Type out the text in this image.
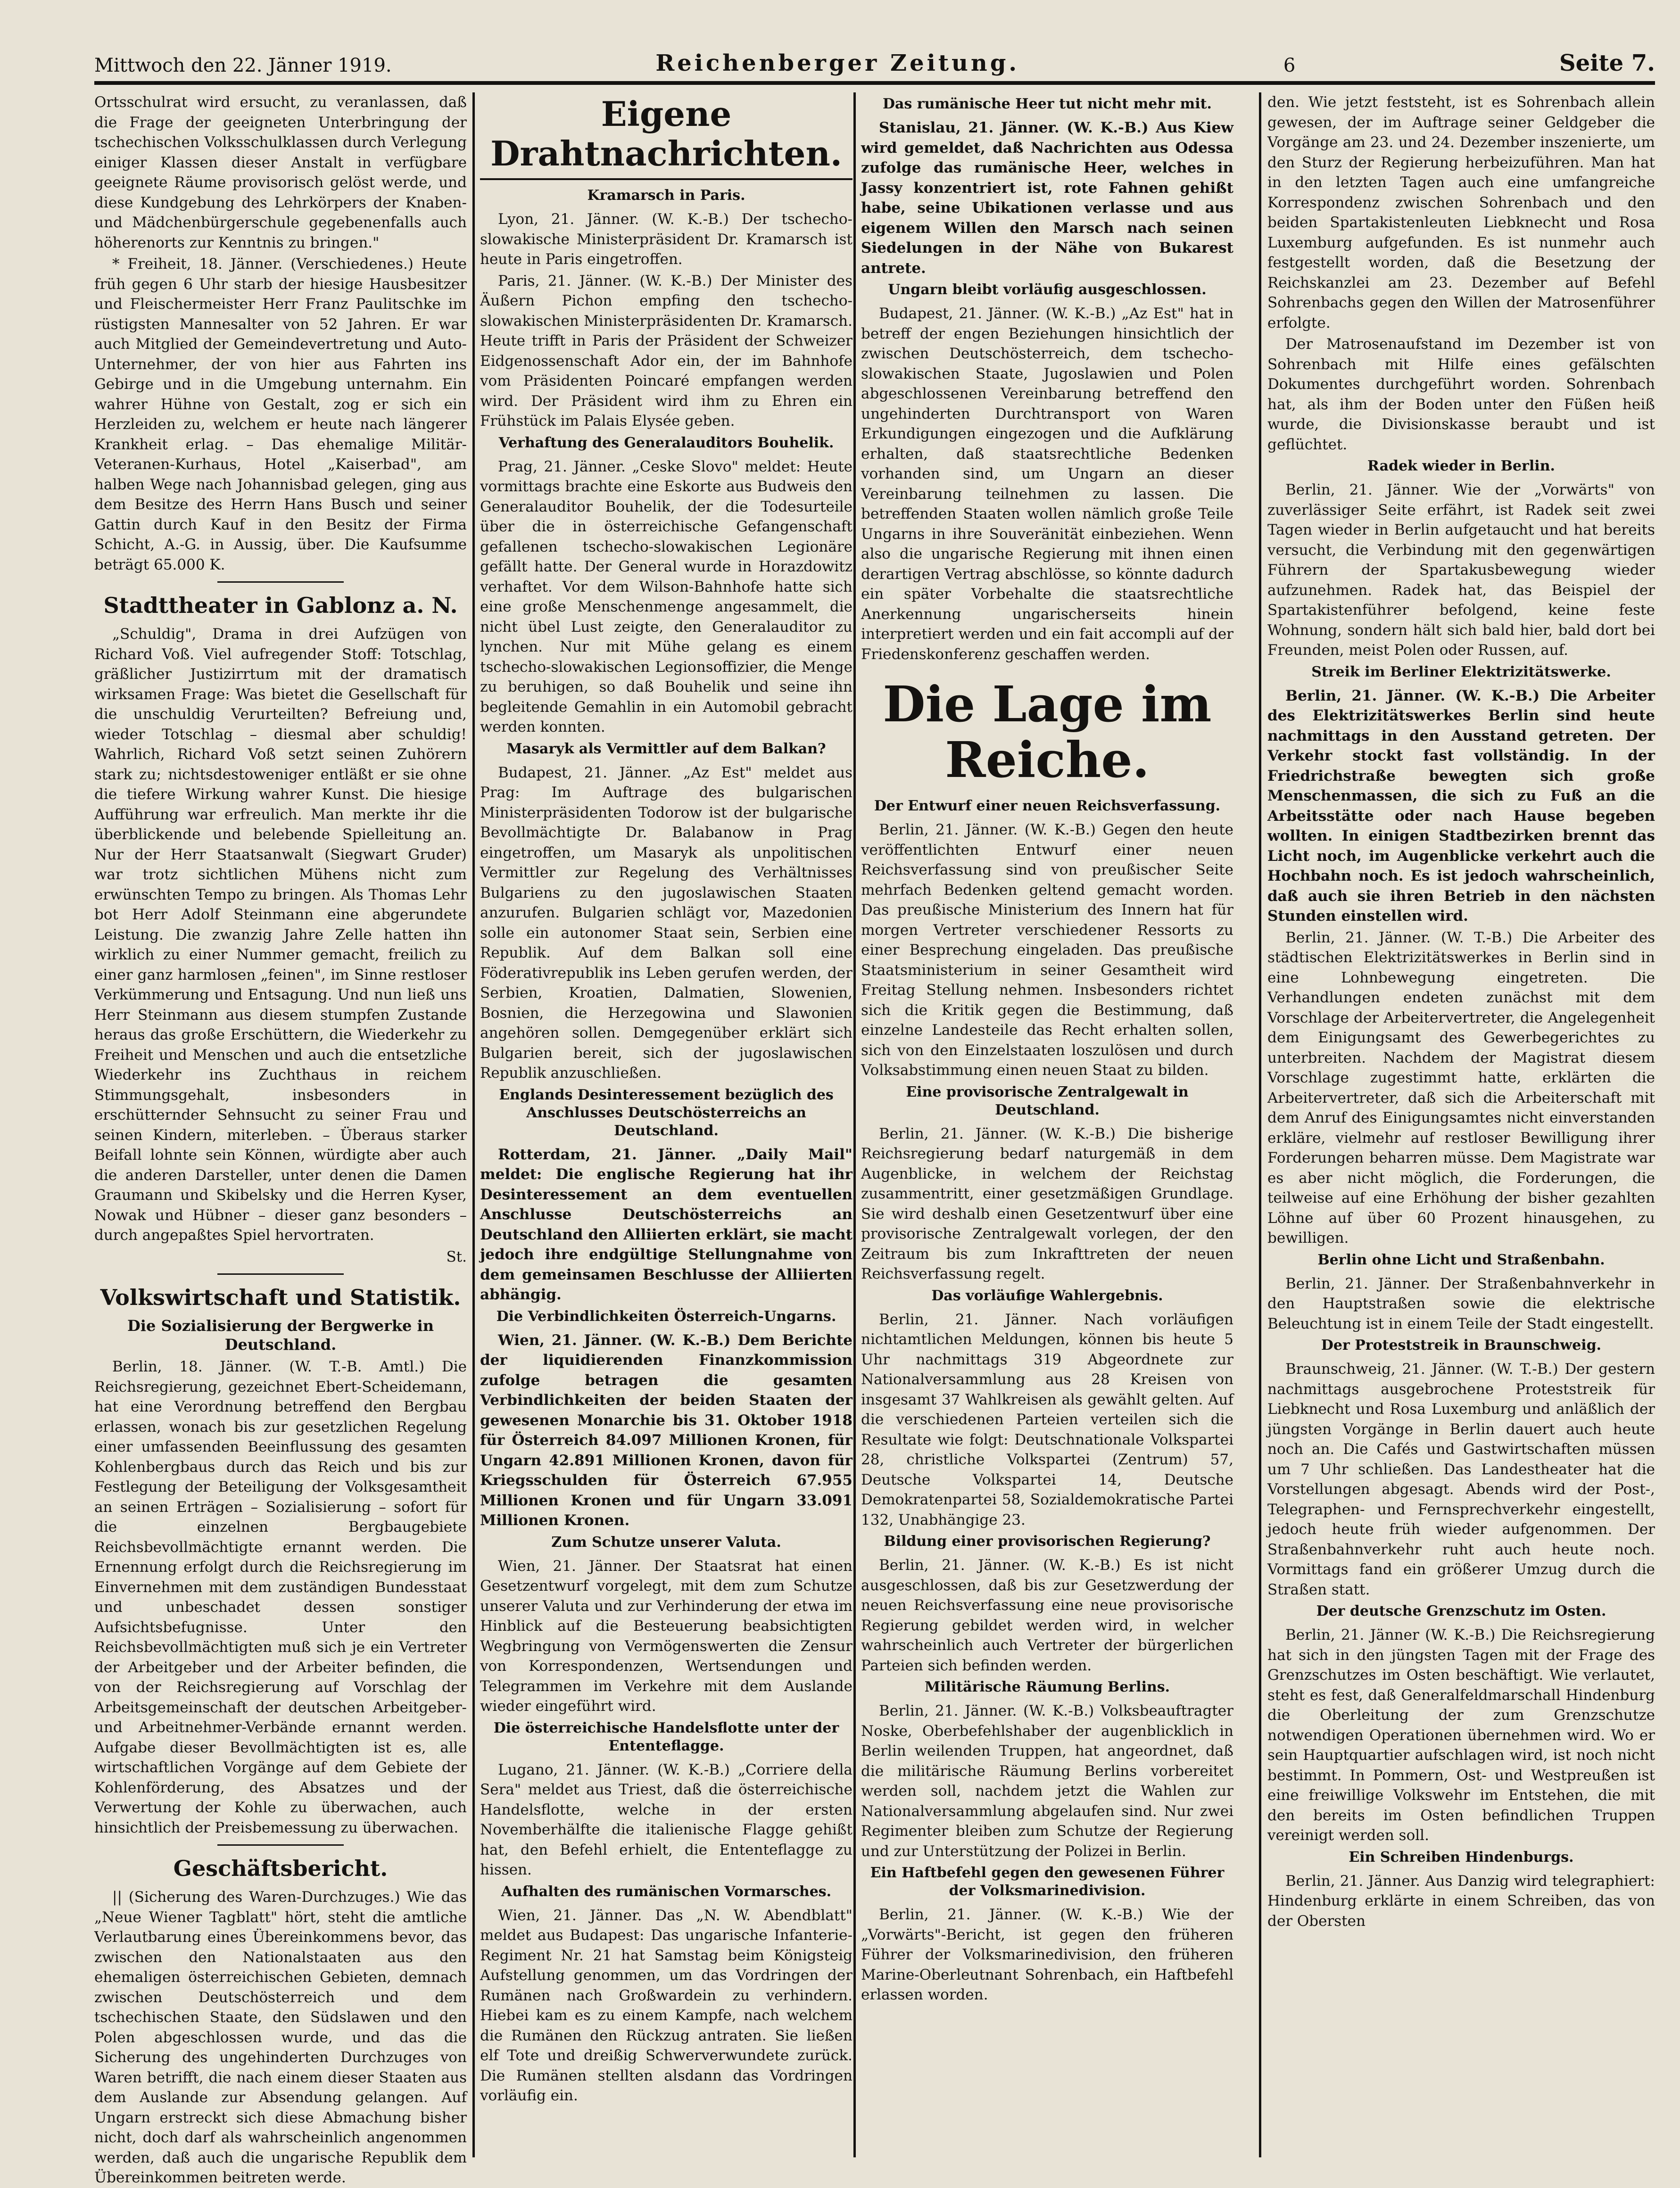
Mittwoch den 22. Jänner 1919.	Reichenberger Zeitung.	6	Seite 7.

Ortsschulrat wird ersucht, zu veranlassen, daß die Frage der geeigneten Unterbringung der tschechischen Volksschulklassen durch Verlegung einiger Klassen dieser Anstalt in verfügbare geeignete Räume provisorisch gelöst werde, und diese Kundgebung des Lehrkörpers der Knaben- und Mädchenbürgerschule gegebenenfalls auch höherenorts zur Kenntnis zu bringen."

* Freiheit, 18. Jänner. (Verschiedenes.) Heute früh gegen 6 Uhr starb der hiesige Hausbesitzer und Fleischermeister Herr Franz Paulitschke im rüstigsten Mannesalter von 52 Jahren. Er war auch Mitglied der Gemeindevertretung und Auto-Unternehmer, der von hier aus Fahrten ins Gebirge und in die Umgebung unternahm. Ein wahrer Hühne von Gestalt, zog er sich ein Herzleiden zu, welchem er heute nach längerer Krankheit erlag. – Das ehemalige Militär-Veteranen-Kurhaus, Hotel „Kaiserbad", am halben Wege nach Johannisbad gelegen, ging aus dem Besitze des Herrn Hans Busch und seiner Gattin durch Kauf in den Besitz der Firma Schicht, A.-G. in Aussig, über. Die Kaufsumme beträgt 65.000 K.

Stadttheater in Gablonz a. N.

„Schuldig", Drama in drei Aufzügen von Richard Voß. Viel aufregender Stoff: Totschlag, gräßlicher Justizirrtum mit der dramatisch wirksamen Frage: Was bietet die Gesellschaft für die unschuldig Verurteilten? Befreiung und, wieder Totschlag – diesmal aber schuldig! Wahrlich, Richard Voß setzt seinen Zuhörern stark zu; nichtsdestoweniger entläßt er sie ohne die tiefere Wirkung wahrer Kunst. Die hiesige Aufführung war erfreulich. Man merkte ihr die überblickende und belebende Spielleitung an. Nur der Herr Staatsanwalt (Siegwart Gruder) war trotz sichtlichen Mühens nicht zum erwünschten Tempo zu bringen. Als Thomas Lehr bot Herr Adolf Steinmann eine abgerundete Leistung. Die zwanzig Jahre Zelle hatten ihn wirklich zu einer Nummer gemacht, freilich zu einer ganz harmlosen „feinen", im Sinne restloser Verkümmerung und Entsagung. Und nun ließ uns Herr Steinmann aus diesem stumpfen Zustande heraus das große Erschüttern, die Wiederkehr zu Freiheit und Menschen und auch die entsetzliche Wiederkehr ins Zuchthaus in reichem Stimmungsgehalt, insbesonders in erschütternder Sehnsucht zu seiner Frau und seinen Kindern, miterleben. – Überaus starker Beifall lohnte sein Können, würdigte aber auch die anderen Darsteller, unter denen die Damen Graumann und Skibelsky und die Herren Kyser, Nowak und Hübner – dieser ganz besonders – durch angepaßtes Spiel hervortraten.

St.
Volkswirtschaft und Statistik.
Die Sozialisierung der Bergwerke in Deutschland.

Berlin, 18. Jänner. (W. T.-B. Amtl.) Die Reichsregierung, gezeichnet Ebert-Scheidemann, hat eine Verordnung betreffend den Bergbau erlassen, wonach bis zur gesetzlichen Regelung einer umfassenden Beeinflussung des gesamten Kohlenbergbaus durch das Reich und bis zur Festlegung der Beteiligung der Volksgesamtheit an seinen Erträgen – Sozialisierung – sofort für die einzelnen Bergbaugebiete Reichsbevollmächtigte ernannt werden. Die Ernennung erfolgt durch die Reichsregierung im Einvernehmen mit dem zuständigen Bundesstaat und unbeschadet dessen sonstiger Aufsichtsbefugnisse. Unter den Reichsbevollmächtigten muß sich je ein Vertreter der Arbeitgeber und der Arbeiter befinden, die von der Reichsregierung auf Vorschlag der Arbeitsgemeinschaft der deutschen Arbeitgeber- und Arbeitnehmer-Verbände ernannt werden. Aufgabe dieser Bevollmächtigten ist es, alle wirtschaftlichen Vorgänge auf dem Gebiete der Kohlenförderung, des Absatzes und der Verwertung der Kohle zu überwachen, auch hinsichtlich der Preisbemessung zu überwachen.

Geschäftsbericht.

|| (Sicherung des Waren-Durchzuges.) Wie das „Neue Wiener Tagblatt" hört, steht die amtliche Verlautbarung eines Übereinkommens bevor, das zwischen den Nationalstaaten aus den ehemaligen österreichischen Gebieten, demnach zwischen Deutschösterreich und dem tschechischen Staate, den Südslawen und den Polen abgeschlossen wurde, und das die Sicherung des ungehinderten Durchzuges von Waren betrifft, die nach einem dieser Staaten aus dem Auslande zur Absendung gelangen. Auf Ungarn erstreckt sich diese Abmachung bisher nicht, doch darf als wahrscheinlich angenommen werden, daß auch die ungarische Republik dem Übereinkommen beitreten werde.

Eigene Drahtnachrichten.
Kramarsch in Paris.

Lyon, 21. Jänner. (W. K.-B.) Der tschecho-slowakische Ministerpräsident Dr. Kramarsch ist heute in Paris eingetroffen.

Paris, 21. Jänner. (W. K.-B.) Der Minister des Äußern Pichon empfing den tschecho-slowakischen Ministerpräsidenten Dr. Kramarsch. Heute trifft in Paris der Präsident der Schweizer Eidgenossenschaft Ador ein, der im Bahnhofe vom Präsidenten Poincaré empfangen werden wird. Der Präsident wird ihm zu Ehren ein Frühstück im Palais Elysée geben.

Verhaftung des Generalauditors Bouhelik.

Prag, 21. Jänner. „Ceske Slovo" meldet: Heute vormittags brachte eine Eskorte aus Budweis den Generalauditor Bouhelik, der die Todesurteile über die in österreichische Gefangenschaft gefallenen tschecho-slowakischen Legionäre gefällt hatte. Der General wurde in Horazdowitz verhaftet. Vor dem Wilson-Bahnhofe hatte sich eine große Menschenmenge angesammelt, die nicht übel Lust zeigte, den Generalauditor zu lynchen. Nur mit Mühe gelang es einem tschecho-slowakischen Legionsoffizier, die Menge zu beruhigen, so daß Bouhelik und seine ihn begleitende Gemahlin in ein Automobil gebracht werden konnten.

Masaryk als Vermittler auf dem Balkan?

Budapest, 21. Jänner. „Az Est" meldet aus Prag: Im Auftrage des bulgarischen Ministerpräsidenten Todorow ist der bulgarische Bevollmächtigte Dr. Balabanow in Prag eingetroffen, um Masaryk als unpolitischen Vermittler zur Regelung des Verhältnisses Bulgariens zu den jugoslawischen Staaten anzurufen. Bulgarien schlägt vor, Mazedonien solle ein autonomer Staat sein, Serbien eine Republik. Auf dem Balkan soll eine Föderativrepublik ins Leben gerufen werden, der Serbien, Kroatien, Dalmatien, Slowenien, Bosnien, die Herzegowina und Slawonien angehören sollen. Demgegenüber erklärt sich Bulgarien bereit, sich der jugoslawischen Republik anzuschließen.

Englands Desinteressement bezüglich des Anschlusses Deutschösterreichs an Deutschland.

Rotterdam, 21. Jänner. „Daily Mail" meldet: Die englische Regierung hat ihr Desinteressement an dem eventuellen Anschlusse Deutschösterreichs an Deutschland den Alliierten erklärt, sie macht jedoch ihre endgültige Stellungnahme von dem gemeinsamen Beschlusse der Alliierten abhängig.

Die Verbindlichkeiten Österreich-Ungarns.

Wien, 21. Jänner. (W. K.-B.) Dem Berichte der liquidierenden Finanzkommission zufolge betragen die gesamten Verbindlichkeiten der beiden Staaten der gewesenen Monarchie bis 31. Oktober 1918 für Österreich 84.097 Millionen Kronen, für Ungarn 42.891 Millionen Kronen, davon für Kriegsschulden für Österreich 67.955 Millionen Kronen und für Ungarn 33.091 Millionen Kronen.

Zum Schutze unserer Valuta.

Wien, 21. Jänner. Der Staatsrat hat einen Gesetzentwurf vorgelegt, mit dem zum Schutze unserer Valuta und zur Verhinderung der etwa im Hinblick auf die Besteuerung beabsichtigten Wegbringung von Vermögenswerten die Zensur von Korrespondenzen, Wertsendungen und Telegrammen im Verkehre mit dem Auslande wieder eingeführt wird.

Die österreichische Handelsflotte unter der Ententeflagge.

Lugano, 21. Jänner. (W. K.-B.) „Corriere della Sera" meldet aus Triest, daß die österreichische Handelsflotte, welche in der ersten Novemberhälfte die italienische Flagge gehißt hat, den Befehl erhielt, die Ententeflagge zu hissen.

Aufhalten des rumänischen Vormarsches.

Wien, 21. Jänner. Das „N. W. Abendblatt" meldet aus Budapest: Das ungarische Infanterie-Regiment Nr. 21 hat Samstag beim Königsteig Aufstellung genommen, um das Vordringen der Rumänen nach Großwardein zu verhindern. Hiebei kam es zu einem Kampfe, nach welchem die Rumänen den Rückzug antraten. Sie ließen elf Tote und dreißig Schwerverwundete zurück. Die Rumänen stellten alsdann das Vordringen vorläufig ein.

Das rumänische Heer tut nicht mehr mit.

Stanislau, 21. Jänner. (W. K.-B.) Aus Kiew wird gemeldet, daß Nachrichten aus Odessa zufolge das rumänische Heer, welches in Jassy konzentriert ist, rote Fahnen gehißt habe, seine Ubikationen verlasse und aus eigenem Willen den Marsch nach seinen Siedelungen in der Nähe von Bukarest antrete.

Ungarn bleibt vorläufig ausgeschlossen.

Budapest, 21. Jänner. (W. K.-B.) „Az Est" hat in betreff der engen Beziehungen hinsichtlich der zwischen Deutschösterreich, dem tschecho-slowakischen Staate, Jugoslawien und Polen abgeschlossenen Vereinbarung betreffend den ungehinderten Durchtransport von Waren Erkundigungen eingezogen und die Aufklärung erhalten, daß staatsrechtliche Bedenken vorhanden sind, um Ungarn an dieser Vereinbarung teilnehmen zu lassen. Die betreffenden Staaten wollen nämlich große Teile Ungarns in ihre Souveränität einbeziehen. Wenn also die ungarische Regierung mit ihnen einen derartigen Vertrag abschlösse, so könnte dadurch ein später Vorbehalte die staatsrechtliche Anerkennung ungarischerseits hinein interpretiert werden und ein fait accompli auf der Friedenskonferenz geschaffen werden.

Die Lage im Reiche.
Der Entwurf einer neuen Reichsverfassung.

Berlin, 21. Jänner. (W. K.-B.) Gegen den heute veröffentlichten Entwurf einer neuen Reichsverfassung sind von preußischer Seite mehrfach Bedenken geltend gemacht worden. Das preußische Ministerium des Innern hat für morgen Vertreter verschiedener Ressorts zu einer Besprechung eingeladen. Das preußische Staatsministerium in seiner Gesamtheit wird Freitag Stellung nehmen. Insbesonders richtet sich die Kritik gegen die Bestimmung, daß einzelne Landesteile das Recht erhalten sollen, sich von den Einzelstaaten loszulösen und durch Volksabstimmung einen neuen Staat zu bilden.

Eine provisorische Zentralgewalt in Deutschland.

Berlin, 21. Jänner. (W. K.-B.) Die bisherige Reichsregierung bedarf naturgemäß in dem Augenblicke, in welchem der Reichstag zusammentritt, einer gesetzmäßigen Grundlage. Sie wird deshalb einen Gesetzentwurf über eine provisorische Zentralgewalt vorlegen, der den Zeitraum bis zum Inkrafttreten der neuen Reichsverfassung regelt.

Das vorläufige Wahlergebnis.

Berlin, 21. Jänner. Nach vorläufigen nichtamtlichen Meldungen, können bis heute 5 Uhr nachmittags 319 Abgeordnete zur Nationalversammlung aus 28 Kreisen von insgesamt 37 Wahlkreisen als gewählt gelten. Auf die verschiedenen Parteien verteilen sich die Resultate wie folgt: Deutschnationale Volkspartei 28, christliche Volkspartei (Zentrum) 57, Deutsche Volkspartei 14, Deutsche Demokratenpartei 58, Sozialdemokratische Partei 132, Unabhängige 23.

Bildung einer provisorischen Regierung?

Berlin, 21. Jänner. (W. K.-B.) Es ist nicht ausgeschlossen, daß bis zur Gesetzwerdung der neuen Reichsverfassung eine neue provisorische Regierung gebildet werden wird, in welcher wahrscheinlich auch Vertreter der bürgerlichen Parteien sich befinden werden.

Militärische Räumung Berlins.

Berlin, 21. Jänner. (W. K.-B.) Volksbeauftragter Noske, Oberbefehlshaber der augenblicklich in Berlin weilenden Truppen, hat angeordnet, daß die militärische Räumung Berlins vorbereitet werden soll, nachdem jetzt die Wahlen zur Nationalversammlung abgelaufen sind. Nur zwei Regimenter bleiben zum Schutze der Regierung und zur Unterstützung der Polizei in Berlin.

Ein Haftbefehl gegen den gewesenen Führer der Volksmarinedivision.

Berlin, 21. Jänner. (W. K.-B.) Wie der „Vorwärts"-Bericht, ist gegen den früheren Führer der Volksmarinedivision, den früheren Marine-Oberleutnant Sohrenbach, ein Haftbefehl erlassen worden.

den. Wie jetzt feststeht, ist es Sohrenbach allein gewesen, der im Auftrage seiner Geldgeber die Vorgänge am 23. und 24. Dezember inszenierte, um den Sturz der Regierung herbeizuführen. Man hat in den letzten Tagen auch eine umfangreiche Korrespondenz zwischen Sohrenbach und den beiden Spartakistenleuten Liebknecht und Rosa Luxemburg aufgefunden. Es ist nunmehr auch festgestellt worden, daß die Besetzung der Reichskanzlei am 23. Dezember auf Befehl Sohrenbachs gegen den Willen der Matrosenführer erfolgte.

Der Matrosenaufstand im Dezember ist von Sohrenbach mit Hilfe eines gefälschten Dokumentes durchgeführt worden. Sohrenbach hat, als ihm der Boden unter den Füßen heiß wurde, die Divisionskasse beraubt und ist geflüchtet.

Radek wieder in Berlin.

Berlin, 21. Jänner. Wie der „Vorwärts" von zuverlässiger Seite erfährt, ist Radek seit zwei Tagen wieder in Berlin aufgetaucht und hat bereits versucht, die Verbindung mit den gegenwärtigen Führern der Spartakusbewegung wieder aufzunehmen. Radek hat, das Beispiel der Spartakistenführer befolgend, keine feste Wohnung, sondern hält sich bald hier, bald dort bei Freunden, meist Polen oder Russen, auf.

Streik im Berliner Elektrizitätswerke.

Berlin, 21. Jänner. (W. K.-B.) Die Arbeiter des Elektrizitätswerkes Berlin sind heute nachmittags in den Ausstand getreten. Der Verkehr stockt fast vollständig. In der Friedrichstraße bewegten sich große Menschenmassen, die sich zu Fuß an die Arbeitsstätte oder nach Hause begeben wollten. In einigen Stadtbezirken brennt das Licht noch, im Augenblicke verkehrt auch die Hochbahn noch. Es ist jedoch wahrscheinlich, daß auch sie ihren Betrieb in den nächsten Stunden einstellen wird.

Berlin, 21. Jänner. (W. T.-B.) Die Arbeiter des städtischen Elektrizitätswerkes in Berlin sind in eine Lohnbewegung eingetreten. Die Verhandlungen endeten zunächst mit dem Vorschlage der Arbeitervertreter, die Angelegenheit dem Einigungsamt des Gewerbegerichtes zu unterbreiten. Nachdem der Magistrat diesem Vorschlage zugestimmt hatte, erklärten die Arbeitervertreter, daß sich die Arbeiterschaft mit dem Anruf des Einigungsamtes nicht einverstanden erkläre, vielmehr auf restloser Bewilligung ihrer Forderungen beharren müsse. Dem Magistrate war es aber nicht möglich, die Forderungen, die teilweise auf eine Erhöhung der bisher gezahlten Löhne auf über 60 Prozent hinausgehen, zu bewilligen.

Berlin ohne Licht und Straßenbahn.

Berlin, 21. Jänner. Der Straßenbahnverkehr in den Hauptstraßen sowie die elektrische Beleuchtung ist in einem Teile der Stadt eingestellt.

Der Proteststreik in Braunschweig.

Braunschweig, 21. Jänner. (W. T.-B.) Der gestern nachmittags ausgebrochene Proteststreik für Liebknecht und Rosa Luxemburg und anläßlich der jüngsten Vorgänge in Berlin dauert auch heute noch an. Die Cafés und Gastwirtschaften müssen um 7 Uhr schließen. Das Landestheater hat die Vorstellungen abgesagt. Abends wird der Post-, Telegraphen- und Fernsprechverkehr eingestellt, jedoch heute früh wieder aufgenommen. Der Straßenbahnverkehr ruht auch heute noch. Vormittags fand ein größerer Umzug durch die Straßen statt.

Der deutsche Grenzschutz im Osten.

Berlin, 21. Jänner (W. K.-B.) Die Reichsregierung hat sich in den jüngsten Tagen mit der Frage des Grenzschutzes im Osten beschäftigt. Wie verlautet, steht es fest, daß Generalfeldmarschall Hindenburg die Oberleitung der zum Grenzschutze notwendigen Operationen übernehmen wird. Wo er sein Hauptquartier aufschlagen wird, ist noch nicht bestimmt. In Pommern, Ost- und Westpreußen ist eine freiwillige Volkswehr im Entstehen, die mit den bereits im Osten befindlichen Truppen vereinigt werden soll.

Ein Schreiben Hindenburgs.

Berlin, 21. Jänner. Aus Danzig wird telegraphiert: Hindenburg erklärte in einem Schreiben, das von der Obersten
